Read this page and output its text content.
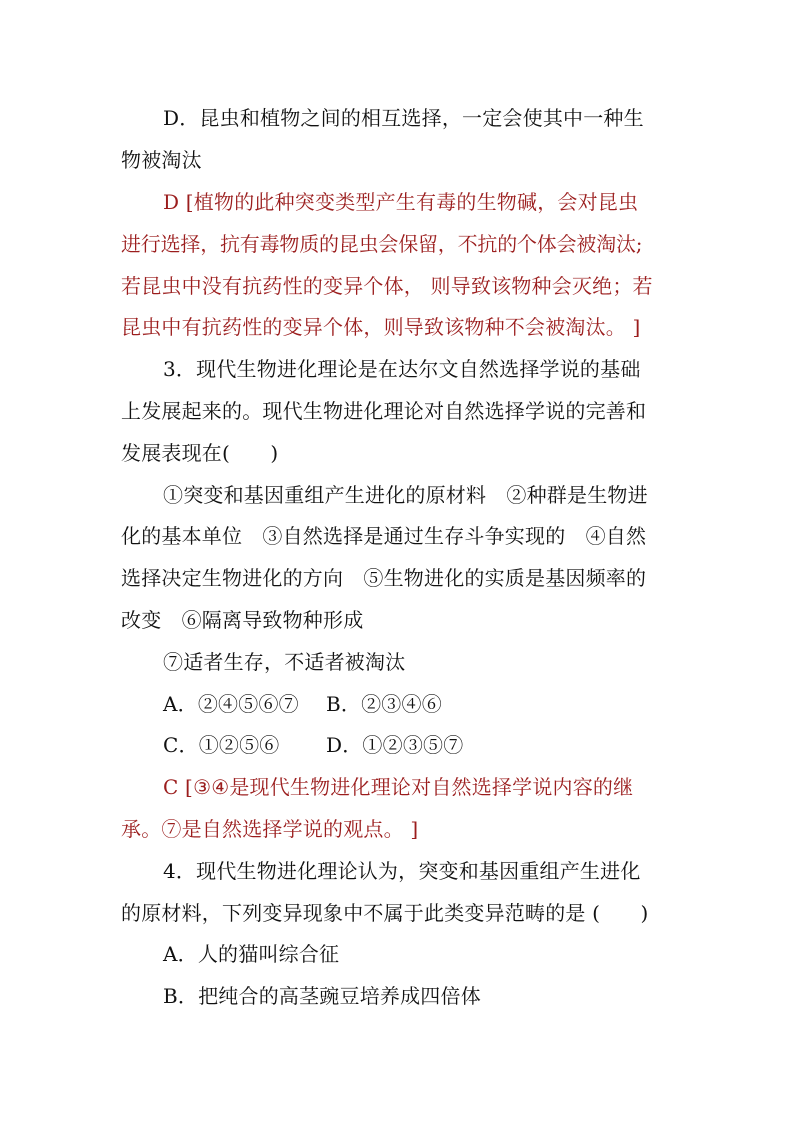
D．昆虫和植物之间的相互选择，一定会使其中一种生
物被淘汰
D [植物的此种突变类型产生有毒的生物碱，会对昆虫
进行选择，抗有毒物质的昆虫会保留，不抗的个体会被淘汰;
若昆虫中没有抗药性的变异个体， 则导致该物种会灭绝；若
昆虫中有抗药性的变异个体，则导致该物种不会被淘汰。 ]
3．现代生物进化理论是在达尔文自然选择学说的基础
上发展起来的。现代生物进化理论对自然选择学说的完善和
发展表现在(　　)
①突变和基因重组产生进化的原材料　②种群是生物进
化的基本单位　③自然选择是通过生存斗争实现的　④自然
选择决定生物进化的方向　⑤生物进化的实质是基因频率的
改变　⑥隔离导致物种形成
⑦适者生存，不适者被淘汰
A．②④⑤⑥⑦ B．②③④⑥
C．①②⑤⑥ D．①②③⑤⑦
C [③④是现代生物进化理论对自然选择学说内容的继
承。⑦是自然选择学说的观点。 ]
4．现代生物进化理论认为，突变和基因重组产生进化
的原材料，下列变异现象中不属于此类变异范畴的是 (　　)
A．人的猫叫综合征
B．把纯合的高茎豌豆培养成四倍体
